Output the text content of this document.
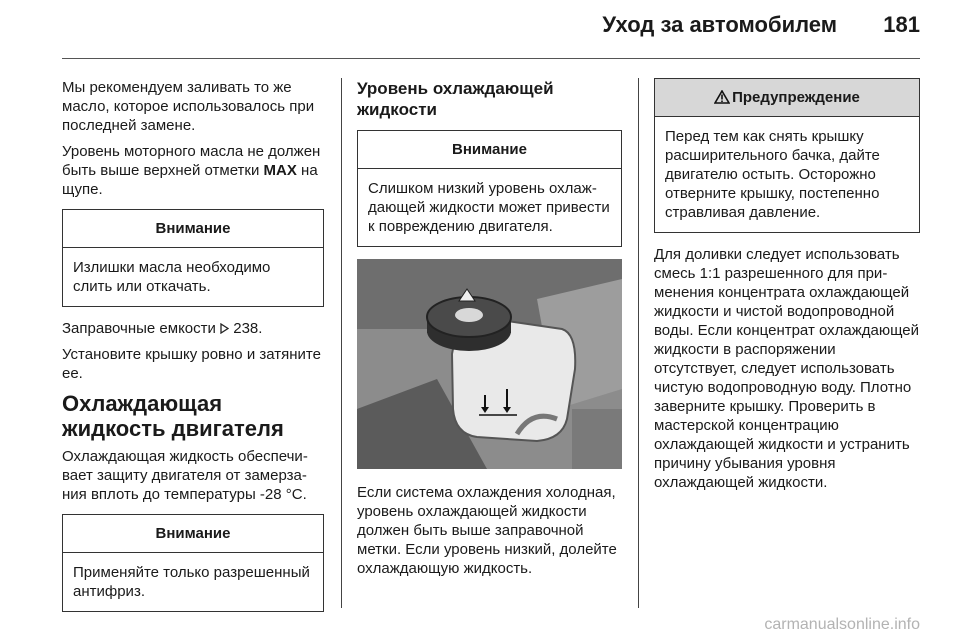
Уход за автомобилем 181

Мы рекомендуем заливать то же масло, которое использовалось при последней замене.

Уровень моторного масла не должен быть выше верхней отметки MAX на щупе.

Внимание
Излишки масла необходимо слить или откачать.

Заправочные емкости 238.

Установите крышку ровно и затяните ее.

Охлаждающая жидкость двигателя

Охлаждающая жидкость обеспечивает защиту двигателя от замерзания вплоть до температуры -28 °C.

Внимание
Применяйте только разрешенный антифриз.
Уровень охлаждающей жидкости
Внимание
Слишком низкий уровень охлаждающей жидкости может привести к повреждению двигателя.

Если система охлаждения холодная, уровень охлаждающей жидкости должен быть выше заправочной метки. Если уровень низкий, долейте охлаждающую жидкость.

Предупреждение
Перед тем как снять крышку расширительного бачка, дайте двигателю остыть. Осторожно отверните крышку, постепенно стравливая давление.

Для доливки следует использовать смесь 1:1 разрешенного для применения концентрата охлаждающей жидкости и чистой водопроводной воды. Если концентрат охлаждающей жидкости в распоряжении отсутствует, следует использовать чистую водопроводную воду. Плотно заверните крышку. Проверить в мастерской концентрацию охлаждающей жидкости и устранить причину убывания уровня охлаждающей жидкости.

carmanualsonline.info
